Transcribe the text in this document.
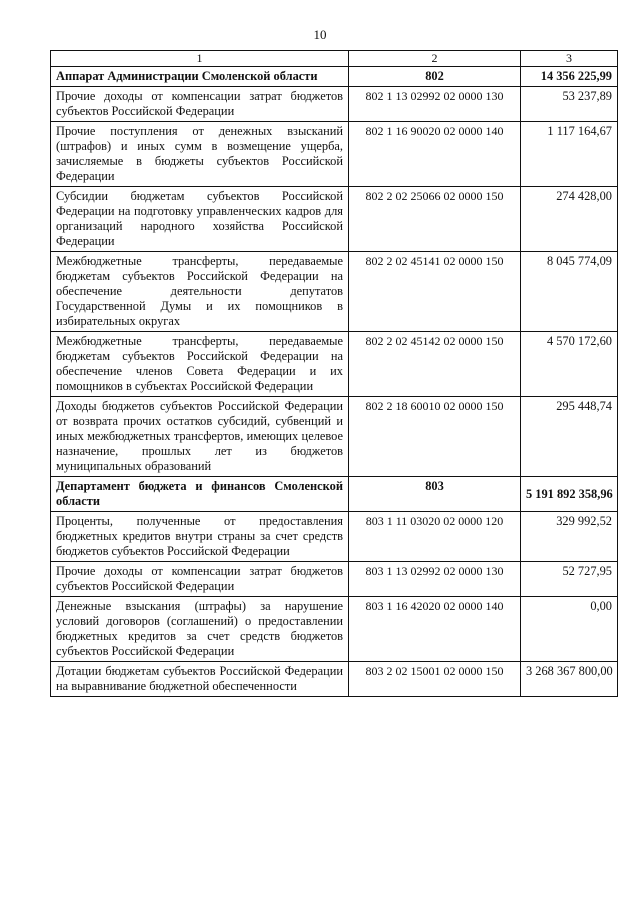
10
1	2	3
Аппарат Администрации Смоленской области	802	14 356 225,99
Прочие доходы от компенсации затрат бюджетов субъектов Российской Федерации	802 1 13 02992 02 0000 130	53 237,89
Прочие поступления от денежных взысканий (штрафов) и иных сумм в возмещение ущерба, зачисляемые в бюджеты субъектов Российской Федерации	802 1 16 90020 02 0000 140	1 117 164,67
Субсидии бюджетам субъектов Российской Федерации на подготовку управленческих кадров для организаций народного хозяйства Российской Федерации	802 2 02 25066 02 0000 150	274 428,00
Межбюджетные трансферты, передаваемые бюджетам субъектов Российской Федерации на обеспечение деятельности депутатов Государственной Думы и их помощников в избирательных округах	802 2 02 45141 02 0000 150	8 045 774,09
Межбюджетные трансферты, передаваемые бюджетам субъектов Российской Федерации на обеспечение членов Совета Федерации и их помощников в субъектах Российской Федерации	802 2 02 45142 02 0000 150	4 570 172,60
Доходы бюджетов субъектов Российской Федерации от возврата прочих остатков субсидий, субвенций и иных межбюджетных трансфертов, имеющих целевое назначение, прошлых лет из бюджетов муниципальных образований	802 2 18 60010 02 0000 150	295 448,74
Департамент бюджета и финансов Смоленской области	803	5 191 892 358,96
Проценты, полученные от предоставления бюджетных кредитов внутри страны за счет средств бюджетов субъектов Российской Федерации	803 1 11 03020 02 0000 120	329 992,52
Прочие доходы от компенсации затрат бюджетов субъектов Российской Федерации	803 1 13 02992 02 0000 130	52 727,95
Денежные взыскания (штрафы) за нарушение условий договоров (соглашений) о предоставлении бюджетных кредитов за счет средств бюджетов субъектов Российской Федерации	803 1 16 42020 02 0000 140	0,00
Дотации бюджетам субъектов Российской Федерации на выравнивание бюджетной обеспеченности	803 2 02 15001 02 0000 150	3 268 367 800,00
